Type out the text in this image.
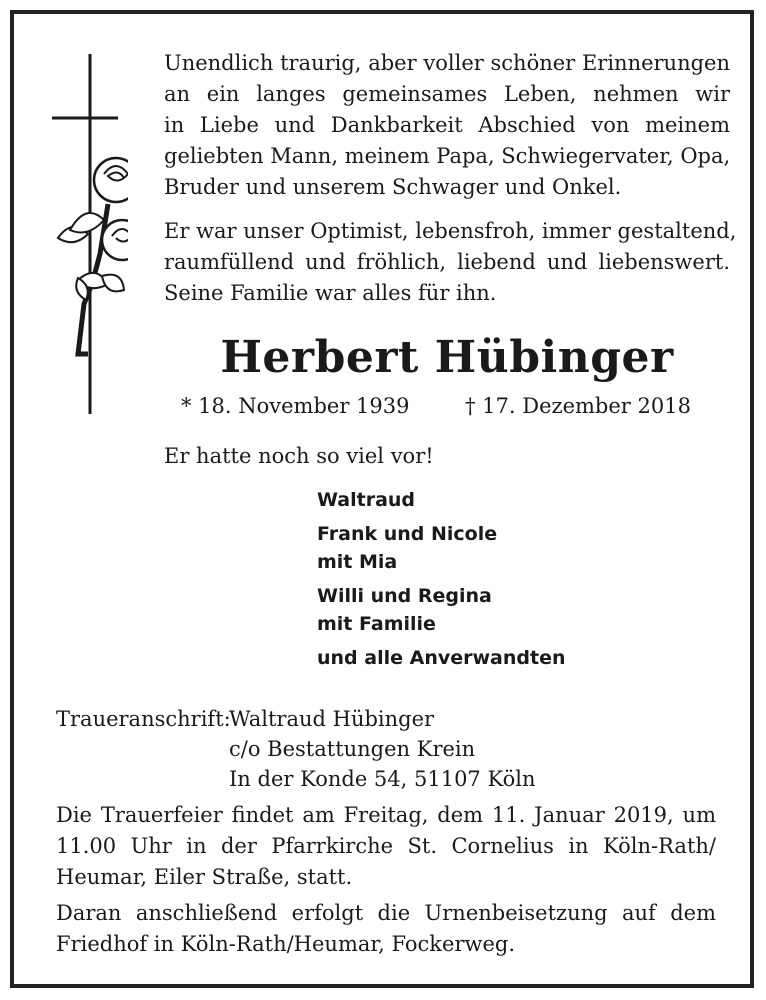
Unendlich traurig, aber voller schöner Erinnerungen
an ein langes gemeinsames Leben, nehmen wir
in Liebe und Dankbarkeit Abschied von meinem
geliebten Mann, meinem Papa, Schwiegervater, Opa,
Bruder und unserem Schwager und Onkel.

Er war unser Optimist, lebensfroh, immer gestaltend,
raumfüllend und fröhlich, liebend und liebenswert.
Seine Familie war alles für ihn.

Herbert Hübinger
* 18. November 1939	† 17. Dezember 2018
Er hatte noch so viel vor!
Waltraud
Frank und Nicole
mit Mia
Willi und Regina
mit Familie
und alle Anverwandten
Traueranschrift:
Waltraud Hübinger
c/o Bestattungen Krein
In der Konde 54, 51107 Köln

Die Trauerfeier findet am Freitag, dem 11. Januar 2019, um
11.00 Uhr in der Pfarrkirche St. Cornelius in Köln-Rath/
Heumar, Eiler Straße, statt.

Daran anschließend erfolgt die Urnenbeisetzung auf dem
Friedhof in Köln-Rath/Heumar, Fockerweg.
